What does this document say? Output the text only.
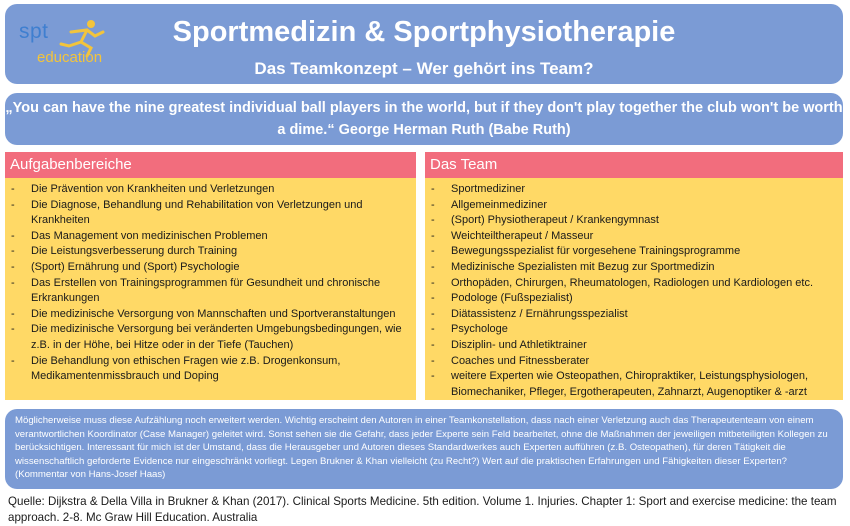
spt
education
Sportmedizin & Sportphysiotherapie
Das Teamkonzept – Wer gehört ins Team?
„You can have the nine greatest individual ball players in the world, but if they don't play together the club won't be worth a dime.“ George Herman Ruth (Babe Ruth)
Aufgabenbereiche
- Die Prävention von Krankheiten und Verletzungen
- Die Diagnose, Behandlung und Rehabilitation von Verletzungen und Krankheiten
- Das Management von medizinischen Problemen
- Die Leistungsverbesserung durch Training
- (Sport) Ernährung und (Sport) Psychologie
- Das Erstellen von Trainingsprogrammen für Gesundheit und chronische Erkrankungen
- Die medizinische Versorgung von Mannschaften und Sportveranstaltungen
- Die medizinische Versorgung bei veränderten Umgebungsbedingungen, wie z.B. in der Höhe, bei Hitze oder in der Tiefe (Tauchen)
- Die Behandlung von ethischen Fragen wie z.B. Drogenkonsum, Medikamentenmissbrauch und Doping
Das Team
- Sportmediziner
- Allgemeinmediziner
- (Sport) Physiotherapeut / Krankengymnast
- Weichteiltherapeut / Masseur
- Bewegungsspezialist für vorgesehene Trainingsprogramme
- Medizinische Spezialisten mit Bezug zur Sportmedizin
- Orthopäden, Chirurgen, Rheumatologen, Radiologen und Kardiologen etc.
- Podologe (Fußspezialist)
- Diätassistenz / Ernährungsspezialist
- Psychologe
- Disziplin- und Athletiktrainer
- Coaches und Fitnessberater
- weitere Experten wie Osteopathen, Chiropraktiker, Leistungsphysiologen, Biomechaniker, Pfleger, Ergotherapeuten, Zahnarzt, Augenoptiker & -arzt
Möglicherweise muss diese Aufzählung noch erweitert werden. Wichtig erscheint den Autoren in einer Teamkonstellation, dass nach einer Verletzung auch das Therapeutenteam von einem verantwortlichen Koordinator (Case Manager) geleitet wird. Sonst sehen sie die Gefahr, dass jeder Experte sein Feld bearbeitet, ohne die Maßnahmen der jeweiligen mitbeteiligten Kollegen zu berücksichtigen. Interessant für mich ist der Umstand, dass die Herausgeber und Autoren dieses Standardwerkes auch Experten aufführen (z.B. Osteopathen), für deren Tätigkeit die wissenschaftlich geforderte Evidence nur eingeschränkt vorliegt. Legen Brukner & Khan vielleicht (zu Recht?) Wert auf die praktischen Erfahrungen und Fähigkeiten dieser Experten? (Kommentar von Hans-Josef Haas)
Quelle: Dijkstra & Della Villa in Brukner & Khan (2017). Clinical Sports Medicine. 5th edition. Volume 1. Injuries. Chapter 1: Sport and exercise medicine: the team approach. 2-8. Mc Graw Hill Education. Australia
